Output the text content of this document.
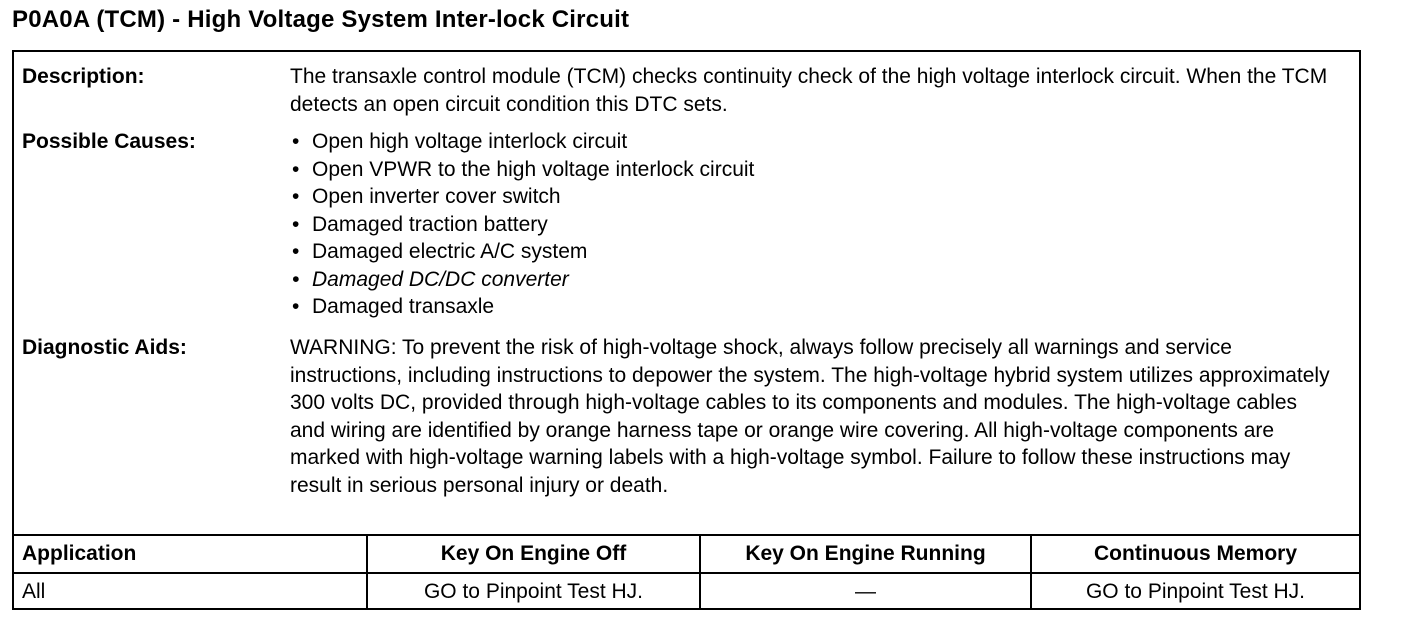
P0A0A (TCM) - High Voltage System Inter-lock Circuit
Description:	The transaxle control module (TCM) checks continuity check of the high voltage interlock circuit. When the TCM detects an open circuit condition this DTC sets.

Possible Causes:
•	Open high voltage interlock circuit
• Open VPWR to the high voltage interlock circuit
• Open inverter cover switch
• Damaged traction battery
• Damaged electric A/C system
• Damaged DC/DC converter
• Damaged transaxle
Diagnostic Aids:	WARNING: To prevent the risk of high-voltage shock, always follow precisely all warnings and service instructions, including instructions to depower the system. The high-voltage hybrid system utilizes approximately 300 volts DC, provided through high-voltage cables to its components and modules. The high-voltage cables and wiring are identified by orange harness tape or orange wire covering. All high-voltage components are marked with high-voltage warning labels with a high-voltage symbol. Failure to follow these instructions may result in serious personal injury or death.

Application	Key On Engine Off	Key On Engine Running	Continuous Memory
All	GO to Pinpoint Test HJ.	—	GO to Pinpoint Test HJ.
